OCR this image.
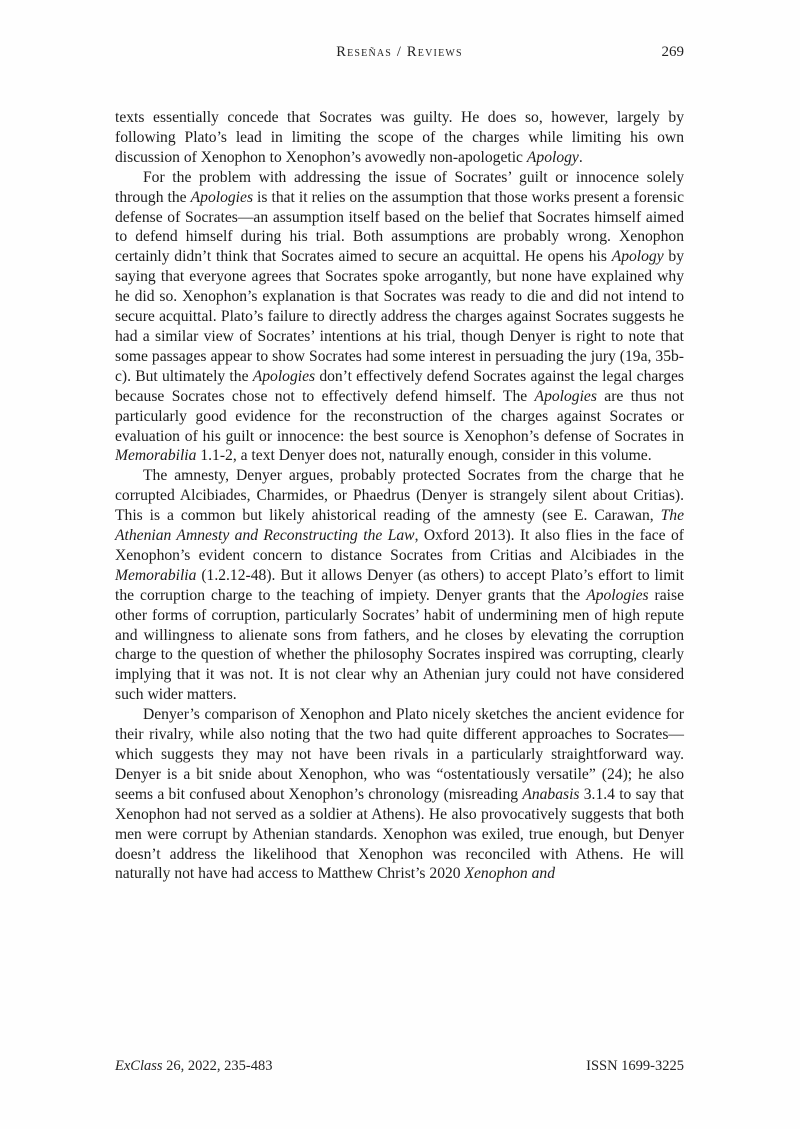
Reseñas / Reviews	269

texts essentially concede that Socrates was guilty. He does so, however, largely by following Plato’s lead in limiting the scope of the charges while limiting his own discussion of Xenophon to Xenophon’s avowedly non-apologetic Apology.

For the problem with addressing the issue of Socrates’ guilt or innocence solely through the Apologies is that it relies on the assumption that those works present a forensic defense of Socrates—an assumption itself based on the belief that Socrates himself aimed to defend himself during his trial. Both assumptions are probably wrong. Xenophon certainly didn’t think that Socrates aimed to secure an acquittal. He opens his Apology by saying that everyone agrees that Socrates spoke arrogantly, but none have explained why he did so. Xenophon’s explanation is that Socrates was ready to die and did not intend to secure acquittal. Plato’s failure to directly address the charges against Socrates suggests he had a similar view of Socrates’ intentions at his trial, though Denyer is right to note that some passages appear to show Socrates had some interest in persuading the jury (19a, 35b-c). But ultimately the Apologies don’t effectively defend Socrates against the legal charges because Socrates chose not to effectively defend himself. The Apologies are thus not particularly good evidence for the reconstruction of the charges against Socrates or evaluation of his guilt or innocence: the best source is Xenophon’s defense of Socrates in Memorabilia 1.1-2, a text Denyer does not, naturally enough, consider in this volume.

The amnesty, Denyer argues, probably protected Socrates from the charge that he corrupted Alcibiades, Charmides, or Phaedrus (Denyer is strangely silent about Critias). This is a common but likely ahistorical reading of the amnesty (see E. Carawan, The Athenian Amnesty and Reconstructing the Law, Oxford 2013). It also flies in the face of Xenophon’s evident concern to distance Socrates from Critias and Alcibiades in the Memorabilia (1.2.12-48). But it allows Denyer (as others) to accept Plato’s effort to limit the corruption charge to the teaching of impiety. Denyer grants that the Apologies raise other forms of corruption, particularly Socrates’ habit of undermining men of high repute and willingness to alienate sons from fathers, and he closes by elevating the corruption charge to the question of whether the philosophy Socrates inspired was corrupting, clearly implying that it was not. It is not clear why an Athenian jury could not have considered such wider matters.

Denyer’s comparison of Xenophon and Plato nicely sketches the ancient evidence for their rivalry, while also noting that the two had quite different approaches to Socrates—which suggests they may not have been rivals in a particularly straightforward way. Denyer is a bit snide about Xenophon, who was “ostentatiously versatile” (24); he also seems a bit confused about Xenophon’s chronology (misreading Anabasis 3.1.4 to say that Xenophon had not served as a soldier at Athens). He also provocatively suggests that both men were corrupt by Athenian standards. Xenophon was exiled, true enough, but Denyer doesn’t address the likelihood that Xenophon was reconciled with Athens. He will naturally not have had access to Matthew Christ’s 2020 Xenophon and

ExClass 26, 2022, 235-483	ISSN 1699-3225
